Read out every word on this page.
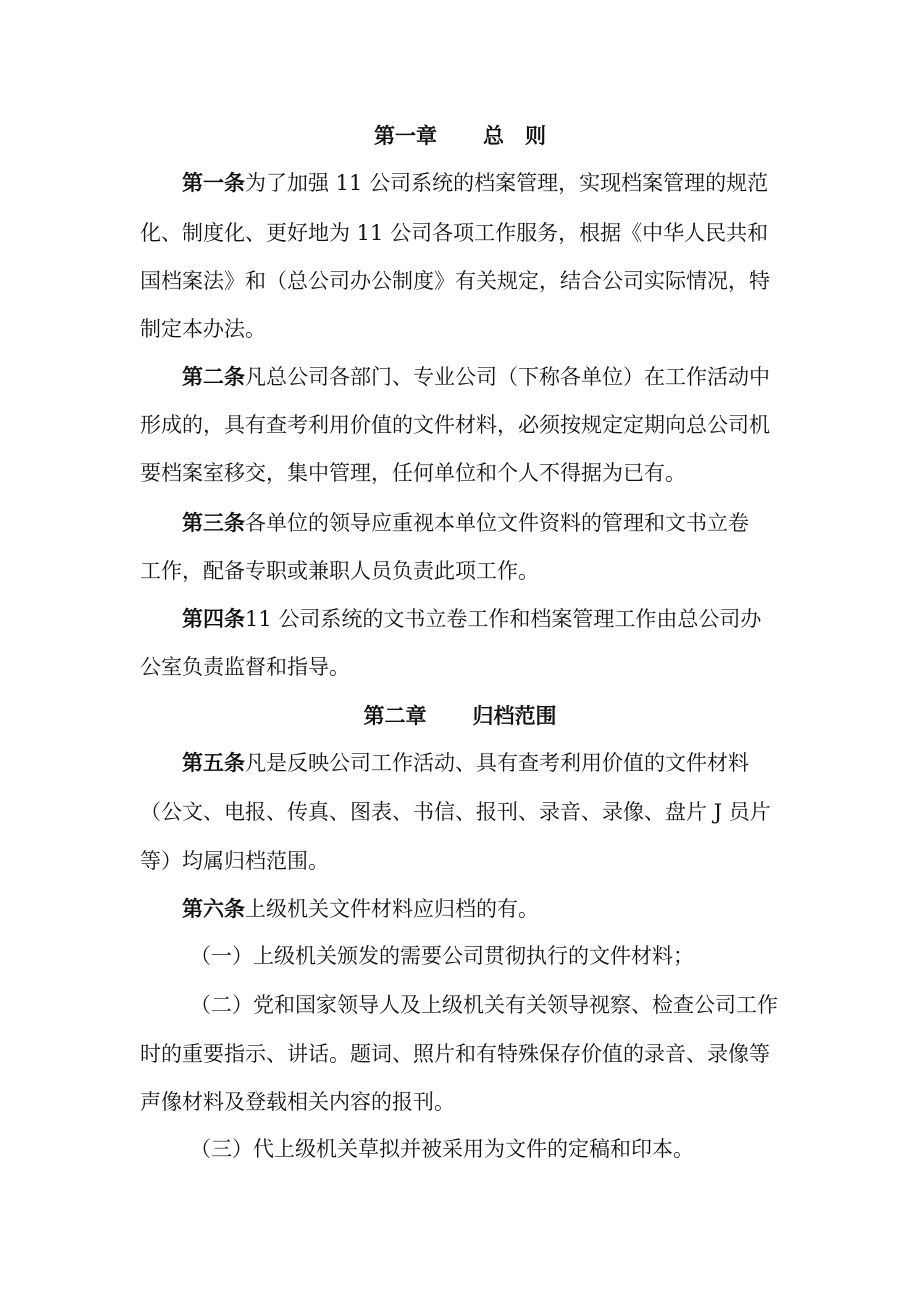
第一章 总　则
第一条为了加强 11 公司系统的档案管理，实现档案管理的规范
化、制度化、更好地为 11 公司各项工作服务，根据《中华人民共和
国档案法》和（总公司办公制度》有关规定，结合公司实际情况，特
制定本办法。
第二条凡总公司各部门、专业公司（下称各单位）在工作活动中
形成的，具有查考利用价值的文件材料，必须按规定定期向总公司机
要档案室移交，集中管理，任何单位和个人不得据为已有。
第三条各单位的领导应重视本单位文件资料的管理和文书立卷
工作，配备专职或兼职人员负责此项工作。
第四条11 公司系统的文书立卷工作和档案管理工作由总公司办
公室负责监督和指导。
第二章 归档范围
第五条凡是反映公司工作活动、具有查考利用价值的文件材料
（公文、电报、传真、图表、书信、报刊、录音、录像、盘片 J 员片
等）均属归档范围。
第六条上级机关文件材料应归档的有。
（一）上级机关颁发的需要公司贯彻执行的文件材料；
（二）党和国家领导人及上级机关有关领导视察、检查公司工作
时的重要指示、讲话。题词、照片和有特殊保存价值的录音、录像等
声像材料及登载相关内容的报刊。
（三）代上级机关草拟并被采用为文件的定稿和印本。
